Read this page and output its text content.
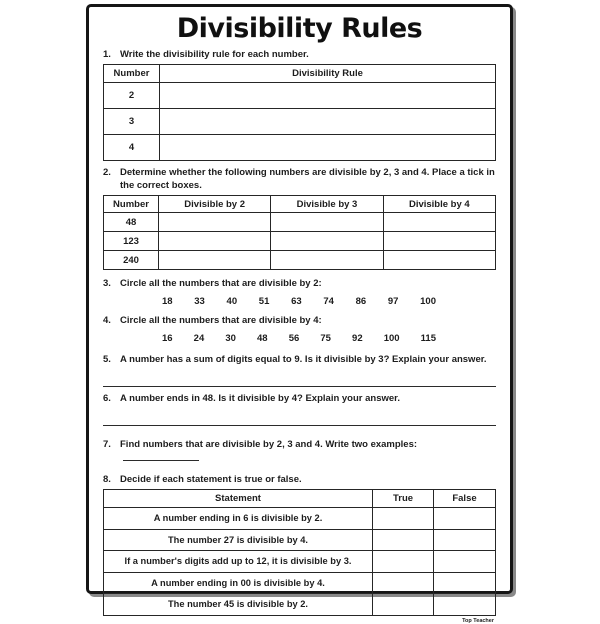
Divisibility Rules
1. Write the divisibility rule for each number.
Number	Divisibility Rule
2	
3	
4	
2. Determine whether the following numbers are divisible by 2, 3 and 4. Place a tick in the correct boxes.
Number	Divisible by 2	Divisible by 3	Divisible by 4
48			
123			
240			
3. Circle all the numbers that are divisible by 2:
18 33 40 51 63 74 86 97 100
4. Circle all the numbers that are divisible by 4:
16 24 30 48 56 75 92 100 115
5. A number has a sum of digits equal to 9. Is it divisible by 3? Explain your answer.
6. A number ends in 48. Is it divisible by 4? Explain your answer.
7. Find numbers that are divisible by 2, 3 and 4. Write two examples:
8. Decide if each statement is true or false.
Statement	True	False
A number ending in 6 is divisible by 2.		
The number 27 is divisible by 4.		
If a number's digits add up to 12, it is divisible by 3.		
A number ending in 00 is divisible by 4.		
The number 45 is divisible by 2.		
Top Teacher
